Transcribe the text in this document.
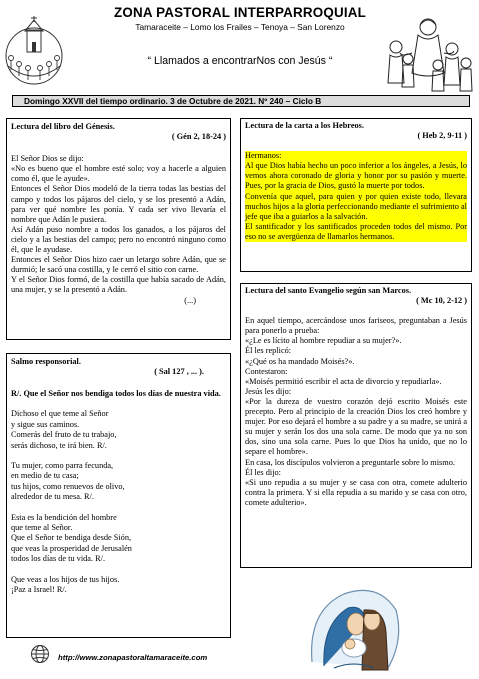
ZONA PASTORAL INTERPARROQUIAL
Tamaraceite – Lomo los Frailes – Tenoya – San Lorenzo
“ Llamados a encontrarNos con Jesús “
Domingo XXVII del tiempo ordinario. 3 de Octubre de 2021. Nº 240 – Ciclo B
Lectura del libro del Génesis.
( Gén 2, 18-24 )

El Señor Dios se dijo:

«No es bueno que el hombre esté solo; voy a hacerle a alguien como él, que le ayude».

Entonces el Señor Dios modeló de la tierra todas las bestias del campo y todos los pájaros del cielo, y se los presentó a Adán, para ver qué nombre les ponía. Y cada ser vivo llevaría el nombre que Adán le pusiera.

Así Adán puso nombre a todos los ganados, a los pájaros del cielo y a las bestias del campo; pero no encontró ninguno como él, que le ayudase.

Entonces el Señor Dios hizo caer un letargo sobre Adán, que se durmió; le sacó una costilla, y le cerró el sitio con carne.

Y el Señor Dios formó, de la costilla que había sacado de Adán, una mujer, y se la presentó a Adán.

(...)
Lectura de la carta a los Hebreos.
( Heb 2, 9-11 )

Hermanos:

Al que Dios había hecho un poco inferior a los ángeles, a Jesús, lo vemos ahora coronado de gloria y honor por su pasión y muerte. Pues, por la gracia de Dios, gustó la muerte por todos.

Convenía que aquel, para quien y por quien existe todo, llevara muchos hijos a la gloria perfeccionando mediante el sufrimiento al jefe que iba a guiarlos a la salvación.

El santificador y los santificados proceden todos del mismo. Por eso no se avergüenza de llamarlos hermanos.

Salmo responsorial.
( Sal 127 , ... ).

R/. Que el Señor nos bendiga todos los días de nuestra vida.

Dichoso el que teme al Señor
y sigue sus caminos.
Comerás del fruto de tu trabajo,
serás dichoso, te irá bien. R/.
Tu mujer, como parra fecunda,
en medio de tu casa;
tus hijos, como renuevos de olivo,
alrededor de tu mesa. R/.
Esta es la bendición del hombre
que teme al Señor.
Que el Señor te bendiga desde Sión,
que veas la prosperidad de Jerusalén
todos los días de tu vida. R/.
Que veas a los hijos de tus hijos.
¡Paz a Israel! R/.
Lectura del santo Evangelio según san Marcos.
( Mc 10, 2-12 )

En aquel tiempo, acercándose unos fariseos, preguntaban a Jesús para ponerlo a prueba:

«¿Le es lícito al hombre repudiar a su mujer?».

Él les replicó:

«¿Qué os ha mandado Moisés?».

Contestaron:

«Moisés permitió escribir el acta de divorcio y repudiarla».

Jesús les dijo:

«Por la dureza de vuestro corazón dejó escrito Moisés este precepto. Pero al principio de la creación Dios los creó hombre y mujer. Por eso dejará el hombre a su padre y a su madre, se unirá a su mujer y serán los dos una sola carne. De modo que ya no son dos, sino una sola carne. Pues lo que Dios ha unido, que no lo separe el hombre».

En casa, los discípulos volvieron a preguntarle sobre lo mismo.

Él les dijo:

«Si uno repudia a su mujer y se casa con otra, comete adulterio contra la primera. Y si ella repudia a su marido y se casa con otro, comete adulterio».

http://www.zonapastoraltamaraceite.com
